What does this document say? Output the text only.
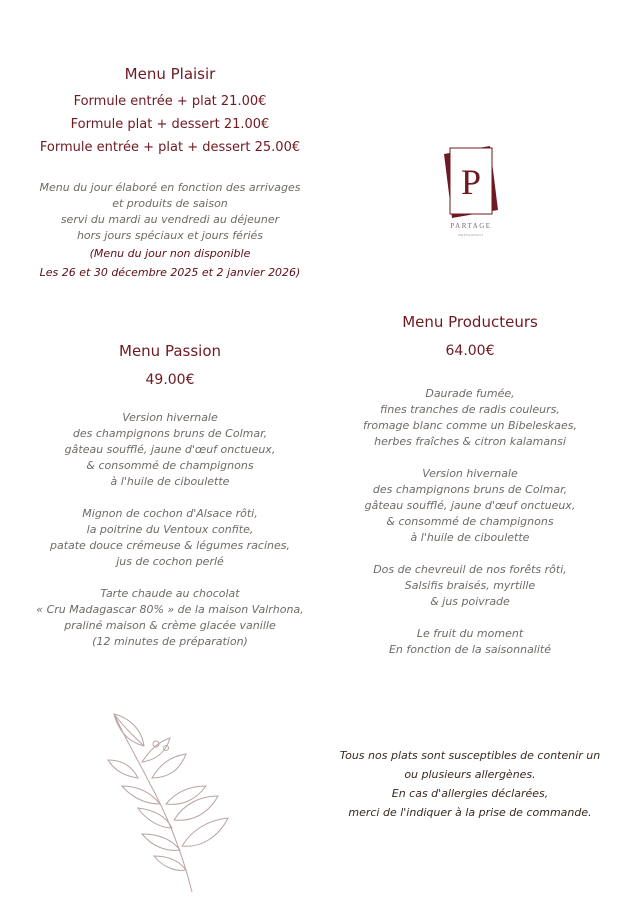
Menu Plaisir
Formule entrée + plat 21.00€
Formule plat + dessert 21.00€
Formule entrée + plat + dessert 25.00€
Menu du jour élaboré en fonction des arrivages
et produits de saison
servi du mardi au vendredi au déjeuner
hors jours spéciaux et jours fériés
(Menu du jour non disponible
Les 26 et 30 décembre 2025 et 2 janvier 2026)
P
PARTAGE
RESTAURANT
Menu Passion
49.00€
Version hivernale
des champignons bruns de Colmar,
gâteau soufflé, jaune d'œuf onctueux,
& consommé de champignons
à l'huile de ciboulette
Mignon de cochon d'Alsace rôti,
la poitrine du Ventoux confite,
patate douce crémeuse & légumes racines,
jus de cochon perlé
Tarte chaude au chocolat
« Cru Madagascar 80% » de la maison Valrhona,
praliné maison & crème glacée vanille
(12 minutes de préparation)
Menu Producteurs
64.00€
Daurade fumée,
fines tranches de radis couleurs,
fromage blanc comme un Bibeleskaes,
herbes fraîches & citron kalamansi
Version hivernale
des champignons bruns de Colmar,
gâteau soufflé, jaune d'œuf onctueux,
& consommé de champignons
à l'huile de ciboulette
Dos de chevreuil de nos forêts rôti,
Salsifis braisés, myrtille
& jus poivrade
Le fruit du moment
En fonction de la saisonnalité
Tous nos plats sont susceptibles de contenir un
ou plusieurs allergènes.
En cas d'allergies déclarées,
merci de l'indiquer à la prise de commande.
